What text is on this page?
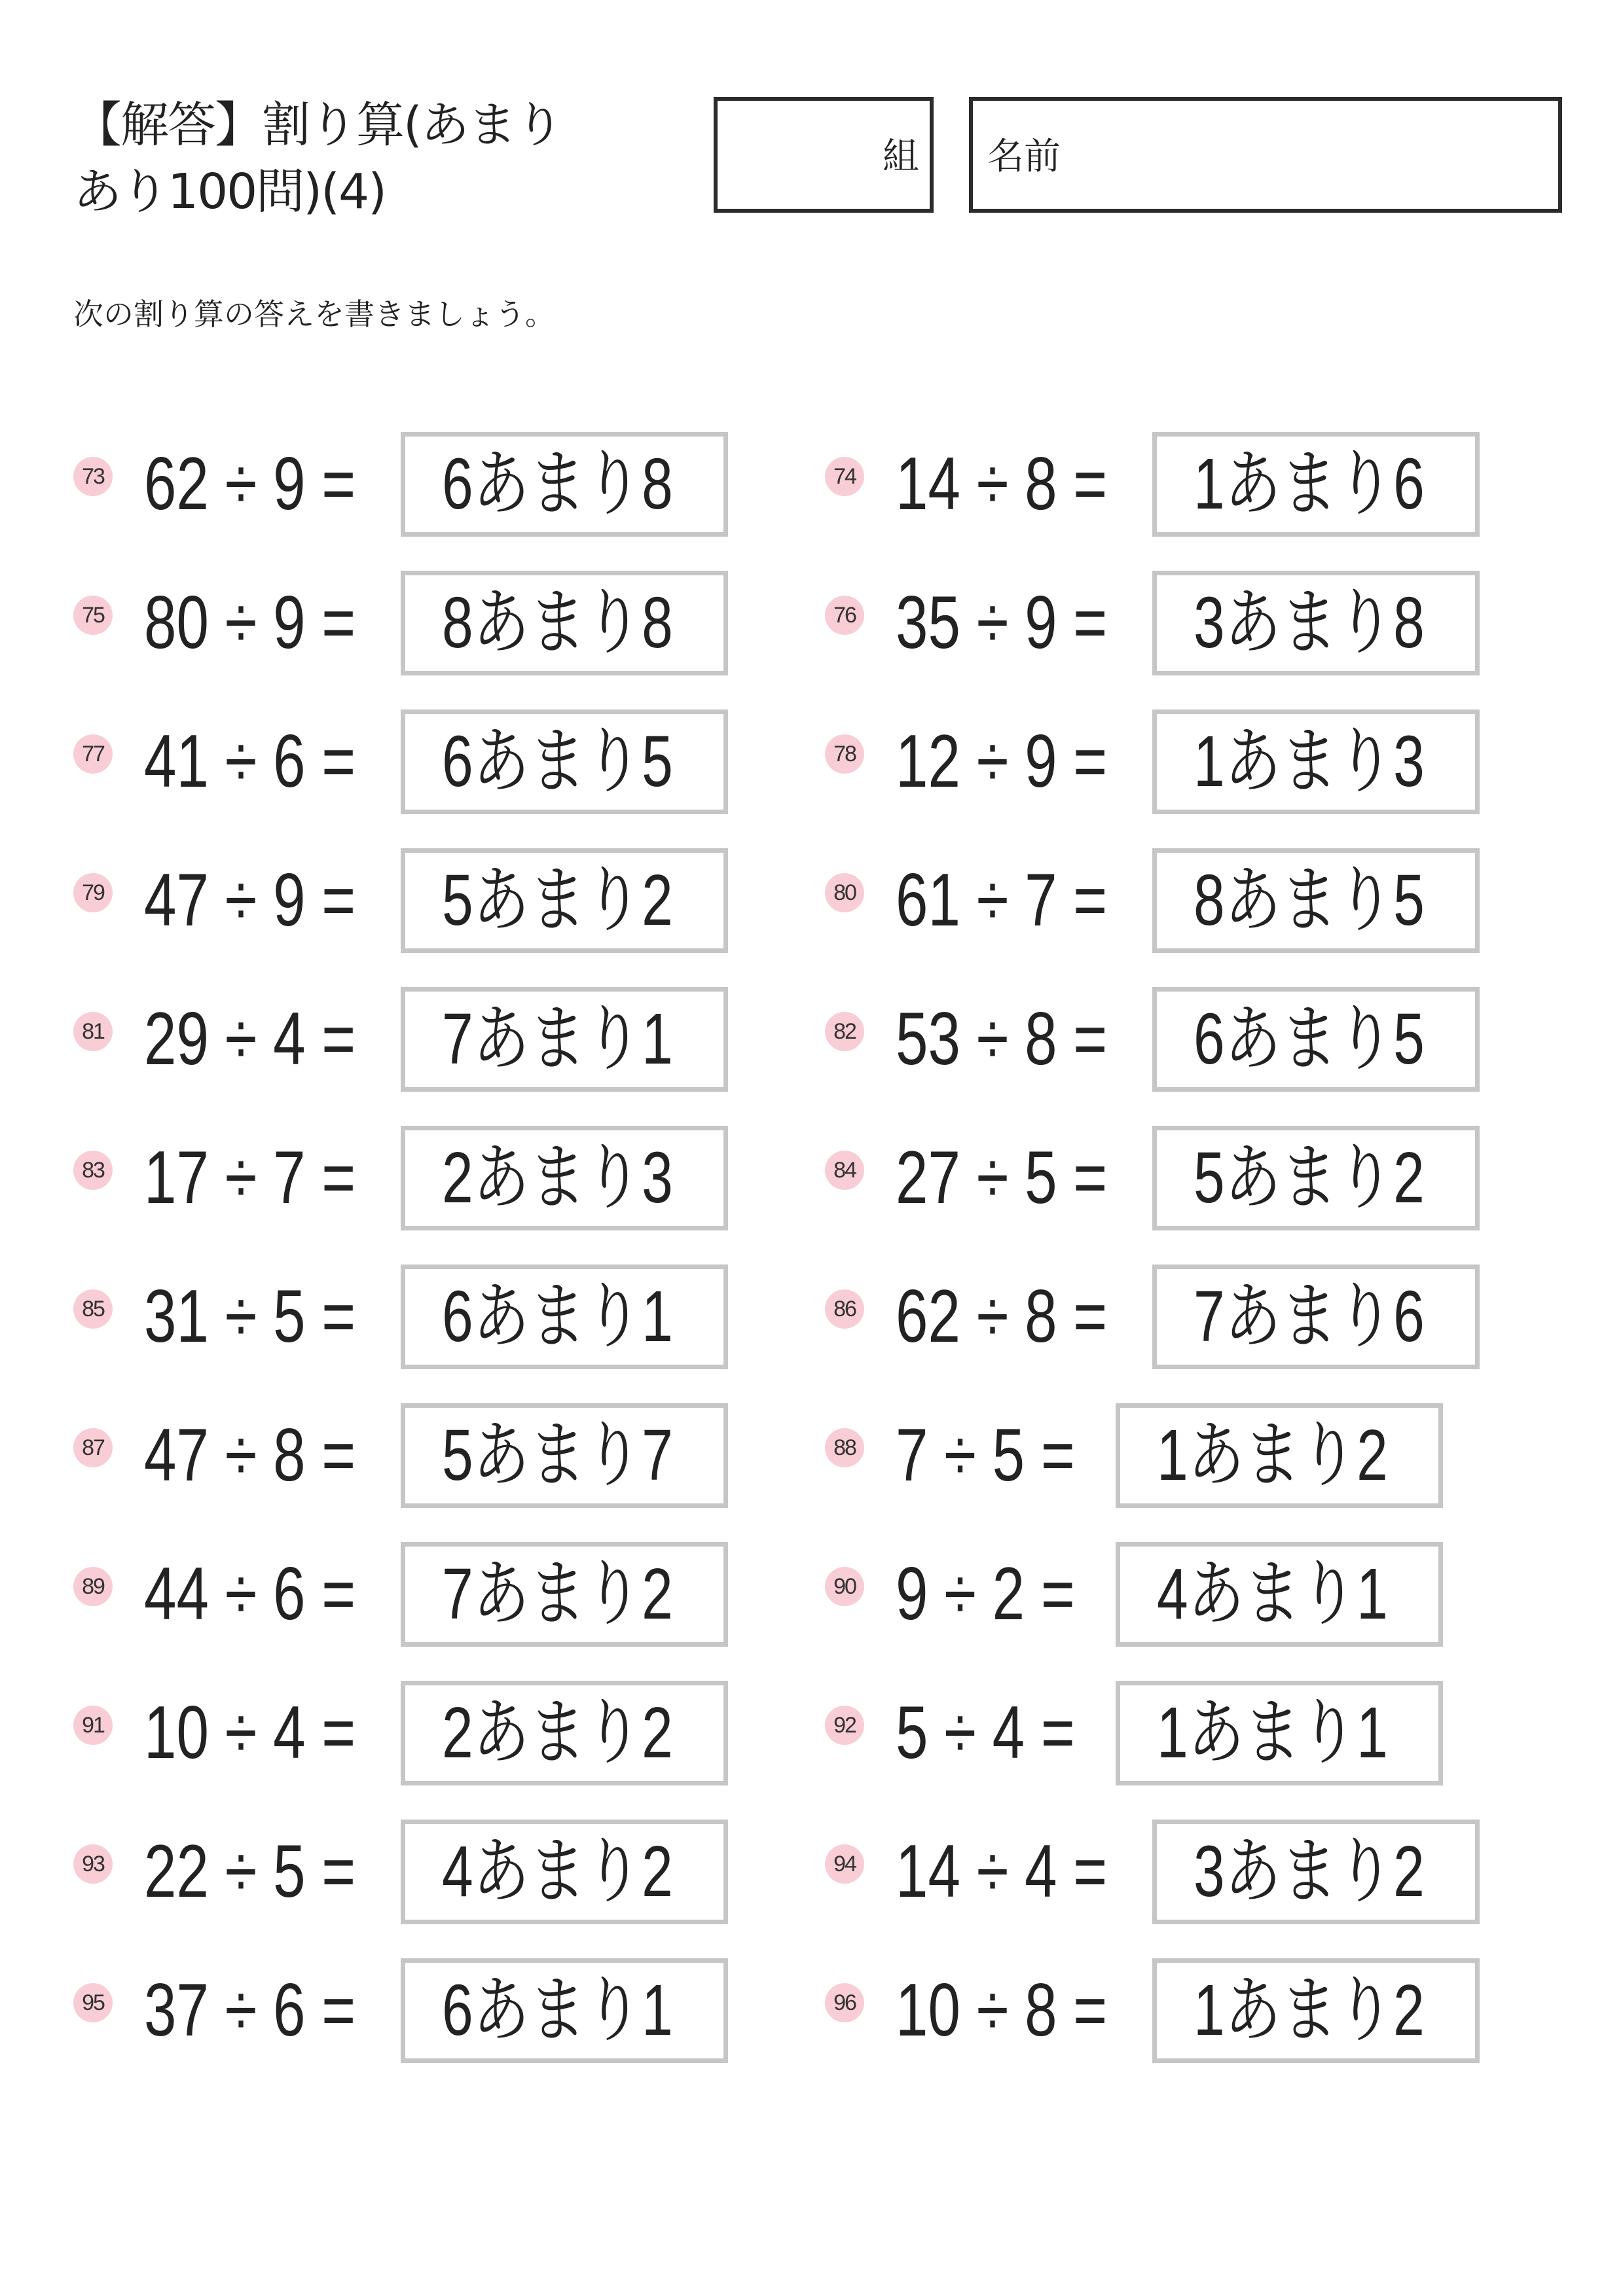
【解答】割り算(あまり
あり100問)(4)
組 名前
次の割り算の答えを書きましょう。
73 62 ÷ 9 = 6あまり8	74 14 ÷ 8 = 1あまり6
75 80 ÷ 9 = 8あまり8	76 35 ÷ 9 = 3あまり8
77 41 ÷ 6 = 6あまり5	78 12 ÷ 9 = 1あまり3
79 47 ÷ 9 = 5あまり2	80 61 ÷ 7 = 8あまり5
81 29 ÷ 4 = 7あまり1	82 53 ÷ 8 = 6あまり5
83 17 ÷ 7 = 2あまり3	84 27 ÷ 5 = 5あまり2
85 31 ÷ 5 = 6あまり1	86 62 ÷ 8 = 7あまり6
87 47 ÷ 8 = 5あまり7	88 7 ÷ 5 = 1あまり2
89 44 ÷ 6 = 7あまり2	90 9 ÷ 2 = 4あまり1
91 10 ÷ 4 = 2あまり2	92 5 ÷ 4 = 1あまり1
93 22 ÷ 5 = 4あまり2	94 14 ÷ 4 = 3あまり2
95 37 ÷ 6 = 6あまり1	96 10 ÷ 8 = 1あまり2
